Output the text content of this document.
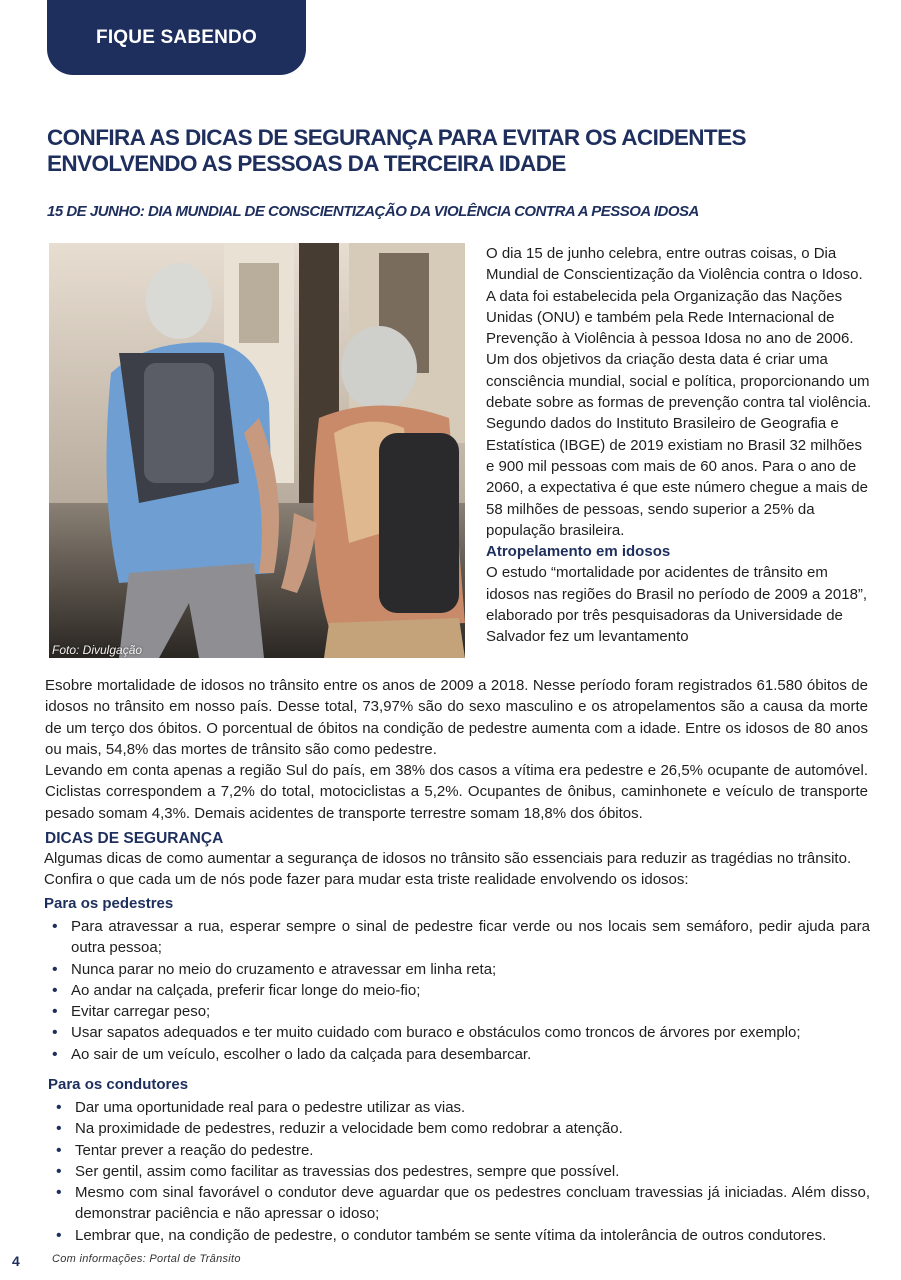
FIQUE SABENDO
CONFIRA AS DICAS DE SEGURANÇA PARA EVITAR OS ACIDENTES ENVOLVENDO AS PESSOAS DA TERCEIRA IDADE
15 DE JUNHO: DIA MUNDIAL DE CONSCIENTIZAÇÃO DA VIOLÊNCIA CONTRA A PESSOA IDOSA
Foto: Divulgação

O dia 15 de junho celebra, entre outras coisas, o Dia Mundial de Conscientização da Violência contra o Idoso. A data foi estabelecida pela Organização das Nações Unidas (ONU) e também pela Rede Internacional de Prevenção à Violência à pessoa Idosa no ano de 2006. Um dos objetivos da criação desta data é criar uma consciência mundial, social e política, proporcionando um debate sobre as formas de prevenção contra tal violência.

Segundo dados do Instituto Brasileiro de Geografia e Estatística (IBGE) de 2019 existiam no Brasil 32 milhões e 900 mil pessoas com mais de 60 anos. Para o ano de 2060, a expectativa é que este número chegue a mais de 58 milhões de pessoas, sendo superior a 25% da população brasileira.

Atropelamento em idosos

O estudo “mortalidade por acidentes de trânsito em idosos nas regiões do Brasil no período de 2009 a 2018”, elaborado por três pesquisadoras da Universidade de Salvador fez um levantamento

Esobre mortalidade de idosos no trânsito entre os anos de 2009 a 2018. Nesse período foram registrados 61.580 óbitos de idosos no trânsito em nosso país. Desse total, 73,97% são do sexo masculino e os atropelamentos são a causa da morte de um terço dos óbitos. O porcentual de óbitos na condição de pedestre aumenta com a idade. Entre os idosos de 80 anos ou mais, 54,8% das mortes de trânsito são como pedestre.

Levando em conta apenas a região Sul do país, em 38% dos casos a vítima era pedestre e 26,5% ocupante de automóvel. Ciclistas correspondem a 7,2% do total, motociclistas a 5,2%. Ocupantes de ônibus, caminhonete e veículo de transporte pesado somam 4,3%. Demais acidentes de transporte terrestre somam 18,8% dos óbitos.

DICAS DE SEGURANÇA

Algumas dicas de como aumentar a segurança de idosos no trânsito são essenciais para reduzir as tragédias no trânsito.

Confira o que cada um de nós pode fazer para mudar esta triste realidade envolvendo os idosos:

Para os pedestres
• Para atravessar a rua, esperar sempre o sinal de pedestre ficar verde ou nos locais sem semáforo, pedir ajuda para outra pessoa;
• Nunca parar no meio do cruzamento e atravessar em linha reta;
• Ao andar na calçada, preferir ficar longe do meio-fio;
• Evitar carregar peso;
• Usar sapatos adequados e ter muito cuidado com buraco e obstáculos como troncos de árvores por exemplo;
• Ao sair de um veículo, escolher o lado da calçada para desembarcar.
Para os condutores
• Dar uma oportunidade real para o pedestre utilizar as vias.
• Na proximidade de pedestres, reduzir a velocidade bem como redobrar a atenção.
• Tentar prever a reação do pedestre.
• Ser gentil, assim como facilitar as travessias dos pedestres, sempre que possível.
• Mesmo com sinal favorável o condutor deve aguardar que os pedestres concluam travessias já iniciadas. Além disso, demonstrar paciência e não apressar o idoso;
• Lembrar que, na condição de pedestre, o condutor também se sente vítima da intolerância de outros condutores.
4	Com informações: Portal de Trânsito
